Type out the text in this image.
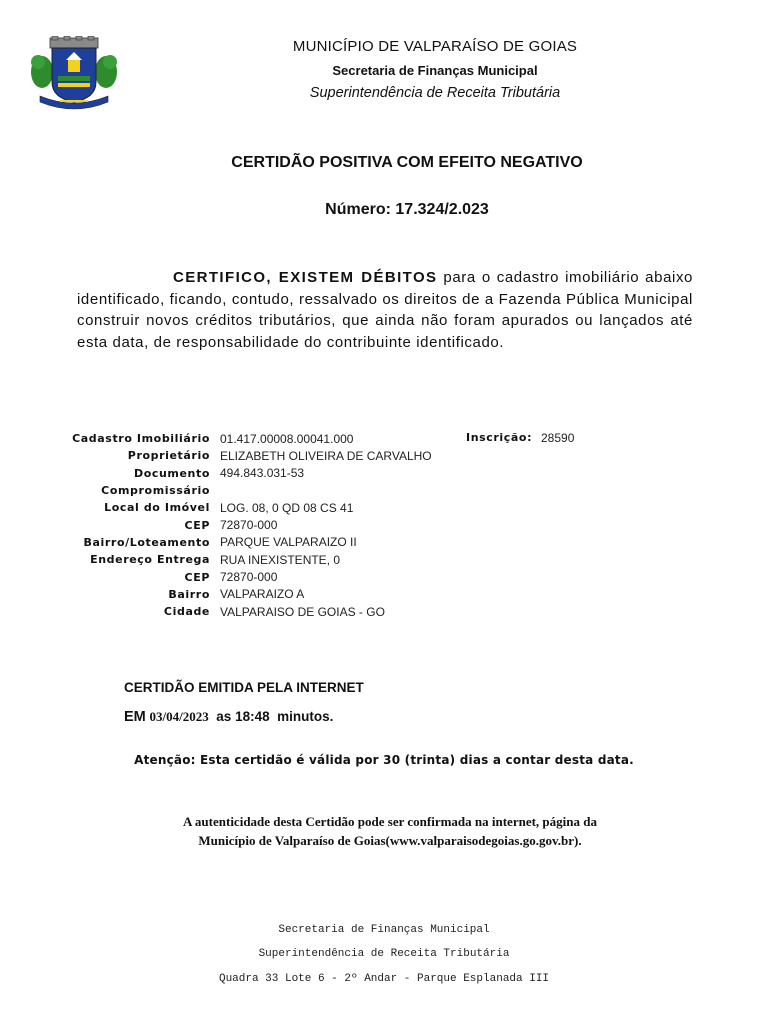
MUNICÍPIO DE VALPARAÍSO DE GOIAS
Secretaria de Finanças Municipal
Superintendência de Receita Tributária
CERTIDÃO POSITIVA COM EFEITO NEGATIVO
Número: 17.324/2.023
CERTIFICO, EXISTEM DÉBITOS para o cadastro imobiliário abaixo identificado, ficando, contudo, ressalvado os direitos de a Fazenda Pública Municipal construir novos créditos tributários, que ainda não foram apurados ou lançados até esta data, de responsabilidade do contribuinte identificado.
Cadastro Imobiliário 01.417.00008.00041.000
Proprietário ELIZABETH OLIVEIRA DE CARVALHO
Documento 494.843.031-53
Compromissário
Local do Imóvel LOG. 08, 0 QD 08 CS 41
CEP 72870-000
Bairro/Loteamento PARQUE VALPARAIZO II
Endereço Entrega RUA INEXISTENTE, 0
CEP 72870-000
Bairro VALPARAIZO A
Cidade VALPARAISO DE GOIAS - GO
Inscrição: 28590
CERTIDÃO EMITIDA PELA INTERNET
EM 03/04/2023 as 18:48 minutos.
Atenção: Esta certidão é válida por 30 (trinta) dias a contar desta data.
A autenticidade desta Certidão pode ser confirmada na internet, página da
Município de Valparaíso de Goias(www.valparaisodegoias.go.gov.br).
Secretaria de Finanças Municipal
Superintendência de Receita Tributária
Quadra 33 Lote 6 - 2º Andar - Parque Esplanada III
